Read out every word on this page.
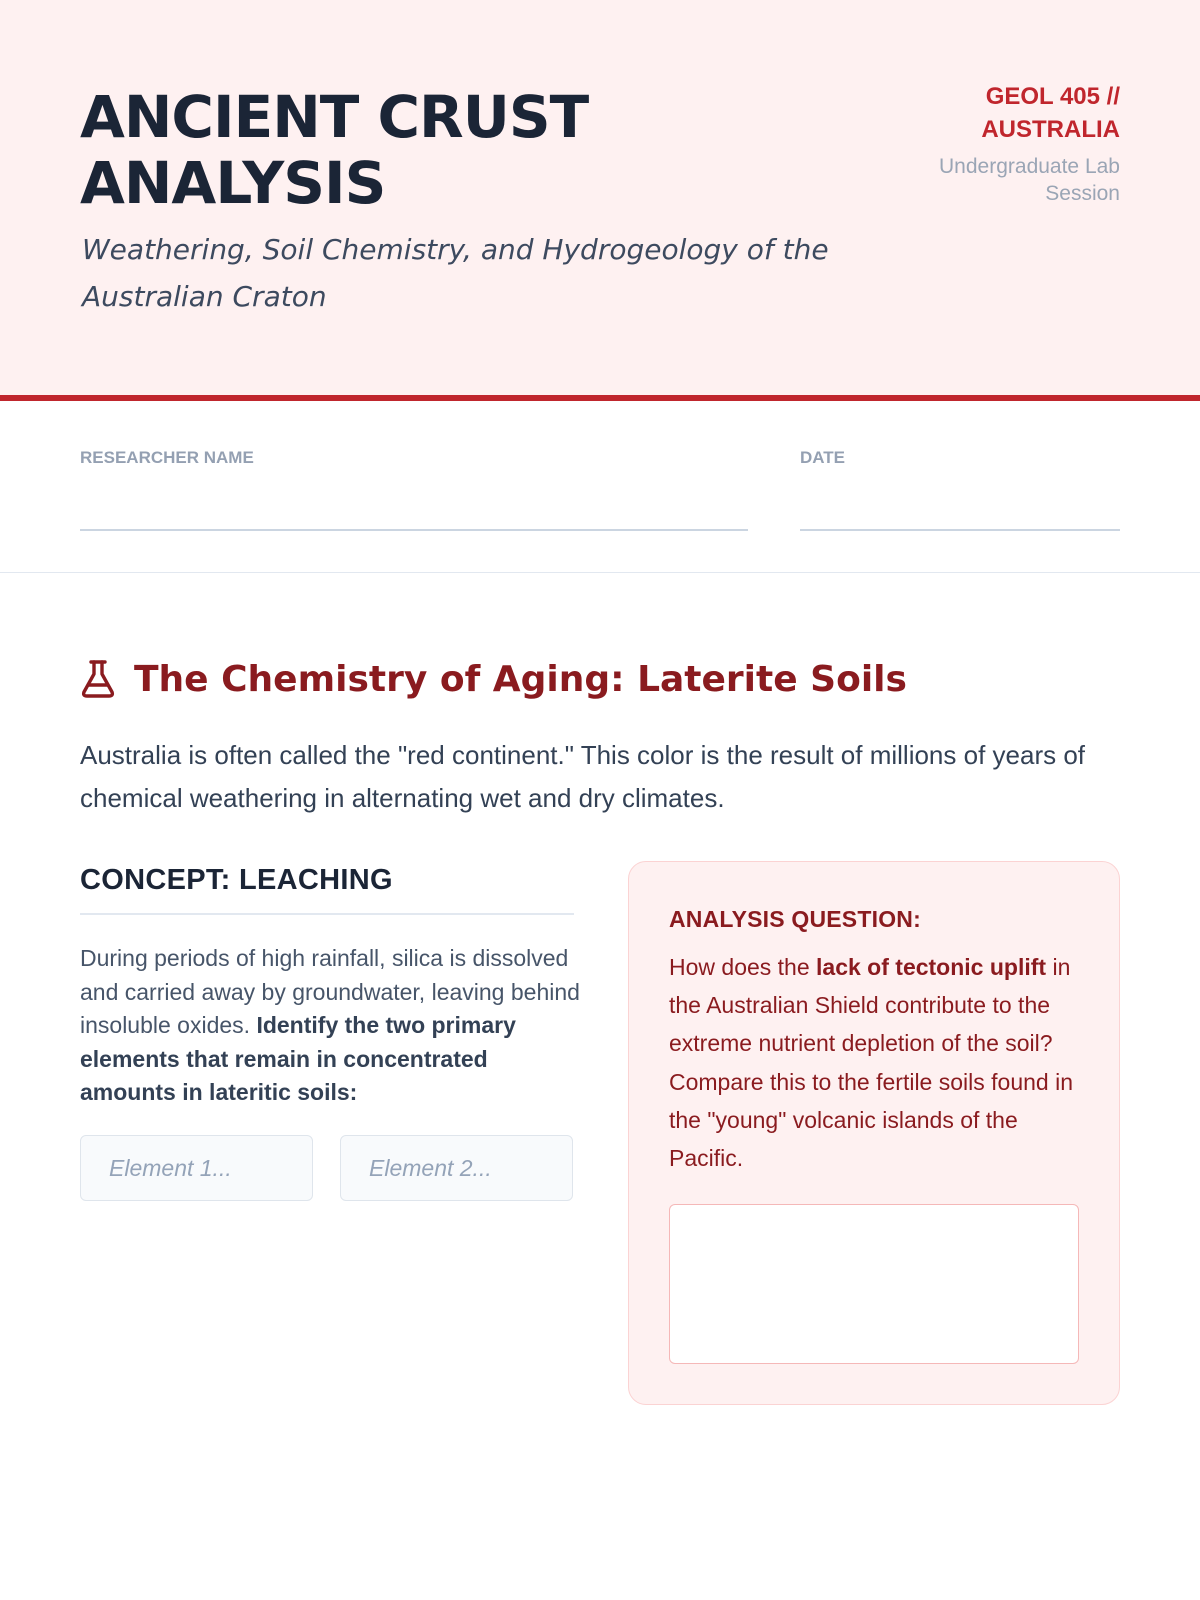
ANCIENT CRUST ANALYSIS
Weathering, Soil Chemistry, and Hydrogeology of the Australian Craton
GEOL 405 // AUSTRALIA
Undergraduate Lab Session
RESEARCHER NAME	DATE
The Chemistry of Aging: Laterite Soils

Australia is often called the "red continent." This color is the result of millions of years of chemical weathering in alternating wet and dry climates.

CONCEPT: LEACHING

During periods of high rainfall, silica is dissolved and carried away by groundwater, leaving behind insoluble oxides. Identify the two primary elements that remain in concentrated amounts in lateritic soils:

Element 1...
Element 2...
ANALYSIS QUESTION:

How does the lack of tectonic uplift in the Australian Shield contribute to the extreme nutrient depletion of the soil? Compare this to the fertile soils found in the "young" volcanic islands of the Pacific.
